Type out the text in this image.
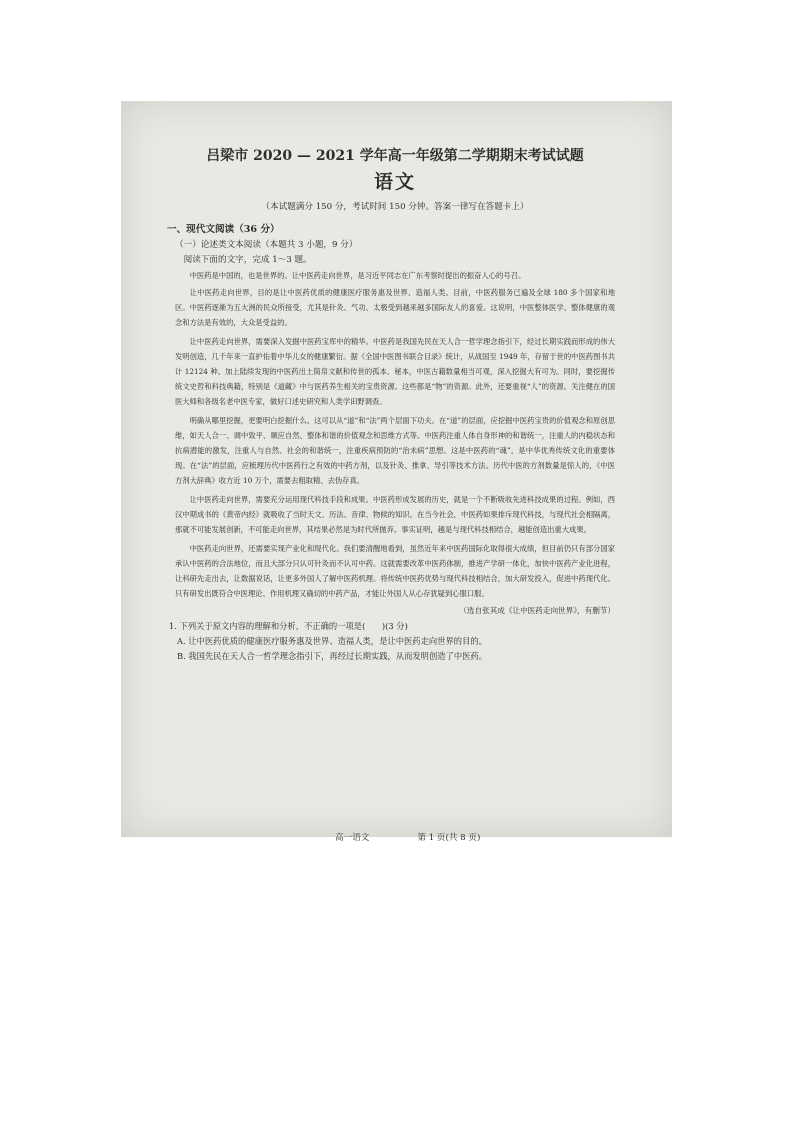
吕梁市 2020 — 2021 学年高一年级第二学期期末考试试题
语文
（本试题满分 150 分，考试时间 150 分钟。答案一律写在答题卡上）
一、现代文阅读（36 分）
（一）论述类文本阅读（本题共 3 小题，9 分）
阅读下面的文字，完成 1～3 题。

中医药是中国的，也是世界的。让中医药走向世界，是习近平同志在广东考察时提出的振奋人心的号召。

让中医药走向世界，目的是让中医药优质的健康医疗服务惠及世界、造福人类。目前，中医药服务已遍及全球 180 多个国家和地区。中医药逐渐为五大洲的民众所接受，尤其是针灸、气功、太极受到越来越多国际友人的喜爱。这说明，中医整体医学、整体健康的观念和方法是有效的，大众是受益的。

让中医药走向世界，需要深入发掘中医药宝库中的精华。中医药是我国先民在天人合一哲学理念指引下，经过长期实践而形成的伟大发明创造，几千年来一直护佑着中华儿女的健康繁衍。据《全国中医图书联合目录》统计，从战国至 1949 年，存留于世的中医药图书共计 12124 种。加上陆续发现的中医药出土简帛文献和传世的孤本、秘本，中医古籍数量相当可观，深入挖掘大有可为。同时，要挖掘传统文史哲和科技典籍，特别是《道藏》中与医药养生相关的宝贵资源。这些都是“物”的资源。此外，还要重视“人”的资源。关注健在的国医大师和各级名老中医专家，做好口述史研究和人类学田野调查。

明确从哪里挖掘，更要明白挖掘什么。这可以从“道”和“法”两个层面下功夫。在“道”的层面，应挖掘中医药宝贵的价值观念和原创思维，如天人合一、调中致平、顺应自然、整体和谐的价值观念和思维方式等。中医药注重人体自身形神的和谐统一，注重人的内稳状态和抗病潜能的激发，注重人与自然、社会的和谐统一，注重疾病预防的“治未病”思想。这是中医药的“魂”，是中华优秀传统文化的重要体现。在“法”的层面，应梳理历代中医药行之有效的中药方剂，以及针灸、推拿、导引等技术方法。历代中医的方剂数量是惊人的，《中医方剂大辞典》收方近 10 万个，需要去粗取精、去伪存真。

让中医药走向世界，需要充分运用现代科技手段和成果。中医药形成发展的历史，就是一个不断吸收先进科技成果的过程。例如，西汉中期成书的《黄帝内经》就吸收了当时天文、历法、音律、物候的知识。在当今社会，中医药如果排斥现代科技，与现代社会相隔离，那就不可能发展创新，不可能走向世界，其结果必然是为时代所抛弃。事实证明，越是与现代科技相结合，越能创造出重大成果。

中医药走向世界，还需要实现产业化和现代化。我们要清醒地看到，虽然近年来中医药国际化取得很大成绩，但目前仍只有部分国家承认中医药的合法地位，而且大部分只认可针灸而不认可中药。这就需要改革中医药体制，推进产学研一体化，加快中医药产业化进程，让科研先走出去，让数据说话，让更多外国人了解中医药机理。将传统中医药优势与现代科技相结合，加大研发投入，促进中药现代化。只有研发出既符合中医理论、作用机理又确切的中药产品，才能让外国人从心存犹疑到心服口服。

（选自张其成《让中医药走向世界》，有删节）
1. 下列关于原文内容的理解和分析，不正确的一项是(　　)(3 分)
A. 让中医药优质的健康医疗服务惠及世界、造福人类，是让中医药走向世界的目的。
B. 我国先民在天人合一哲学理念指引下，再经过长期实践，从而发明创造了中医药。
高一语文	第 1 页(共 8 页)
